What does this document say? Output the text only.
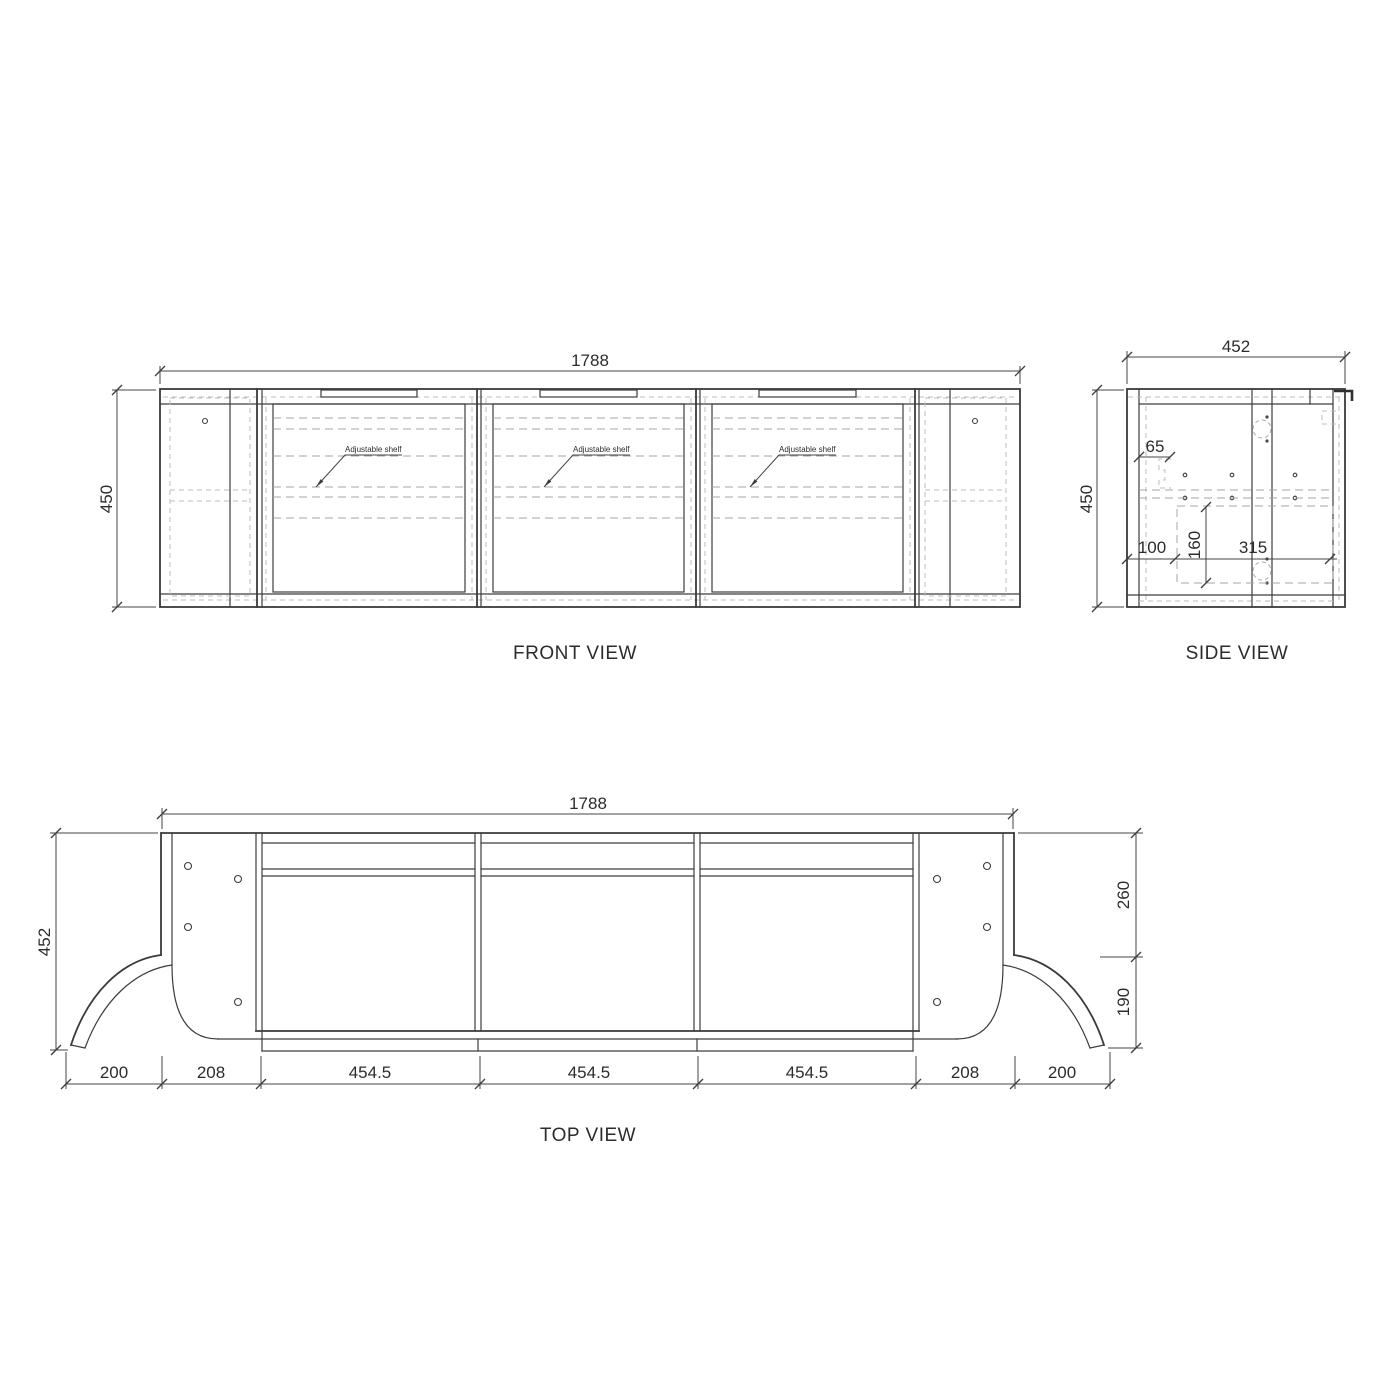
Adjustable shelf	Adjustable shelf	Adjustable shelf
1788
450
FRONT VIEW
452
450
65
100	315
160
SIDE VIEW
1788
452
260
190
200	208	454.5	454.5	454.5	208	200
TOP VIEW
